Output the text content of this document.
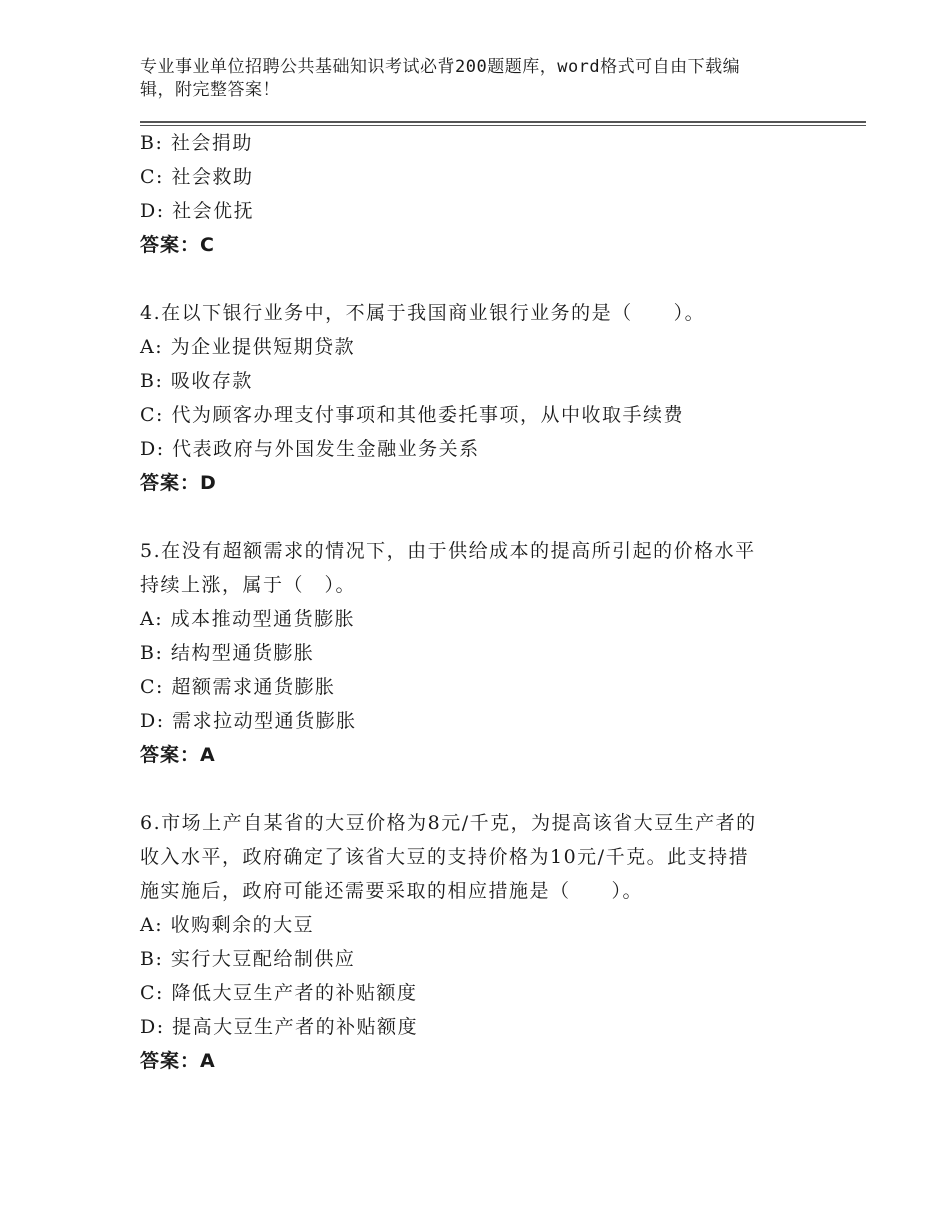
专业事业单位招聘公共基础知识考试必背200题题库，word格式可自由下载编
辑，附完整答案！
B: 社会捐助
C: 社会救助
D: 社会优抚
答案：C
4.在以下银行业务中，不属于我国商业银行业务的是（　　）。
A: 为企业提供短期贷款
B: 吸收存款
C: 代为顾客办理支付事项和其他委托事项，从中收取手续费
D: 代表政府与外国发生金融业务关系
答案：D
5.在没有超额需求的情况下，由于供给成本的提高所引起的价格水平
持续上涨，属于（　）。
A: 成本推动型通货膨胀
B: 结构型通货膨胀
C: 超额需求通货膨胀
D: 需求拉动型通货膨胀
答案：A
6.市场上产自某省的大豆价格为8元/千克，为提高该省大豆生产者的
收入水平，政府确定了该省大豆的支持价格为10元/千克。此支持措
施实施后，政府可能还需要采取的相应措施是（　　）。
A: 收购剩余的大豆
B: 实行大豆配给制供应
C: 降低大豆生产者的补贴额度
D: 提高大豆生产者的补贴额度
答案：A
